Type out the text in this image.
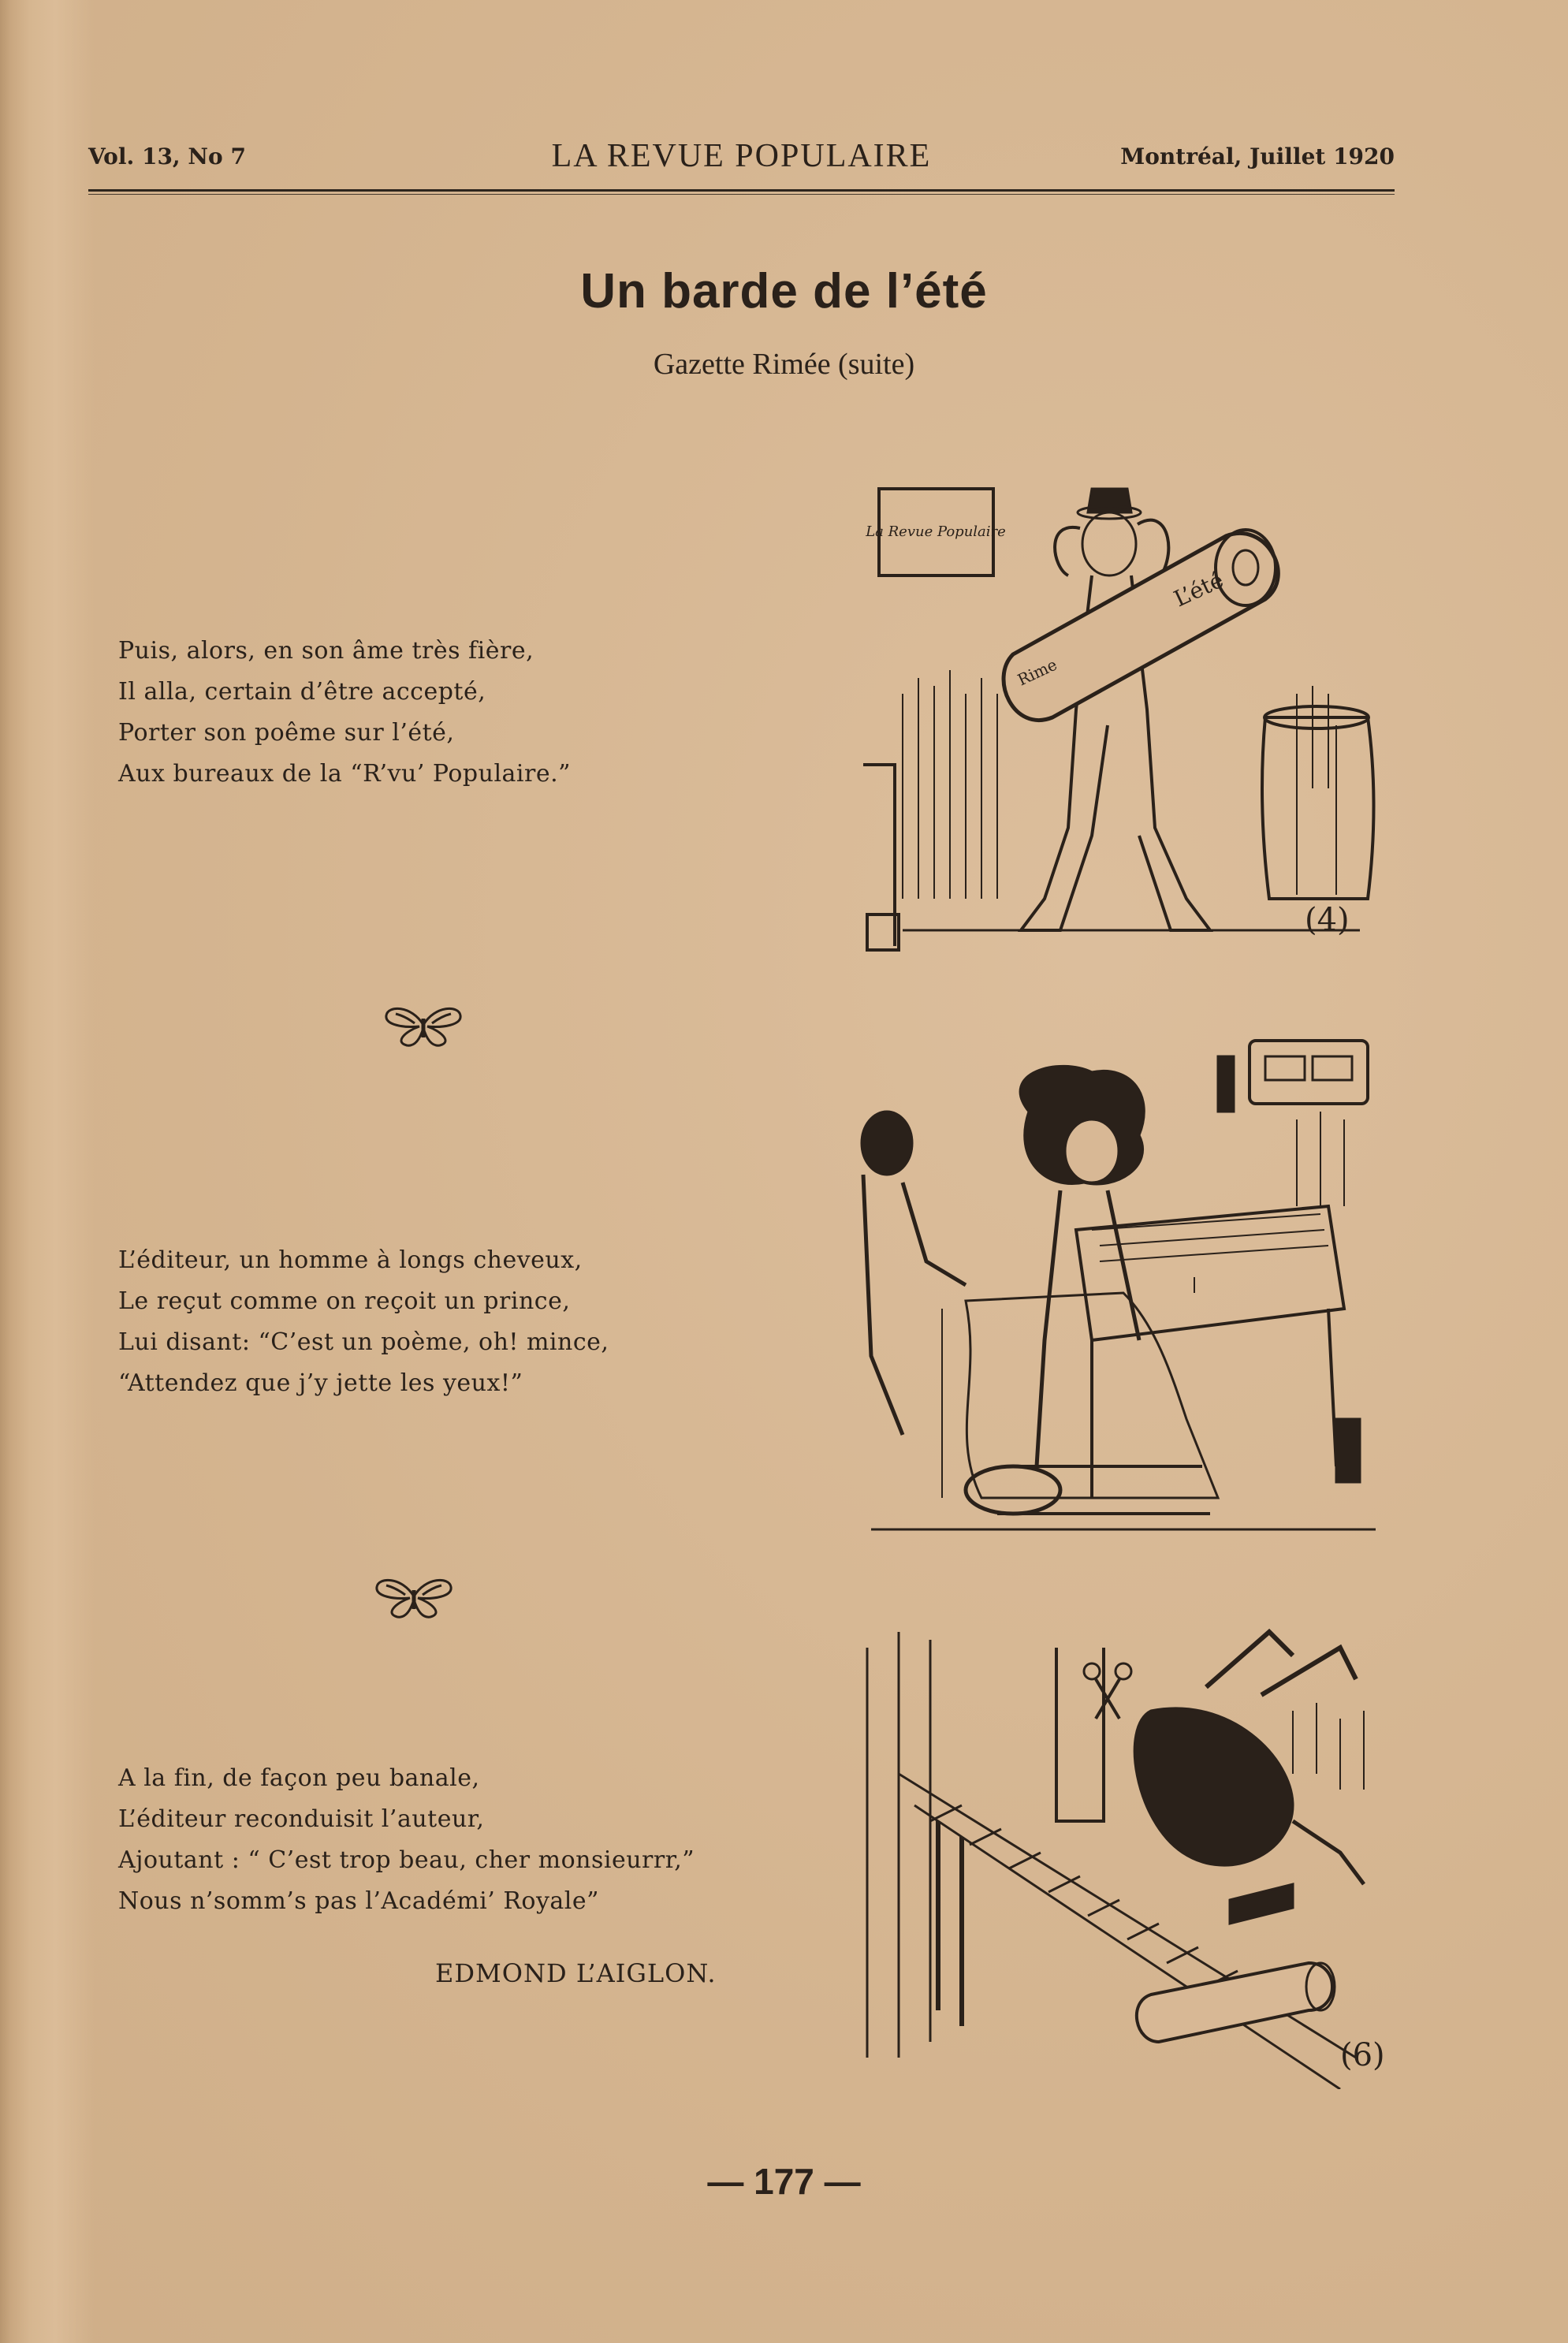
Vol. 13, No 7	LA REVUE POPULAIRE	Montréal, Juillet 1920
Un barde de l’été
Gazette Rimée (suite)
Puis, alors, en son âme très fière,
Il alla, certain d’être accepté,
Porter son poême sur l’été,
Aux bureaux de la “R’vu’ Populaire.”
L’éditeur, un homme à longs cheveux,
Le reçut comme on reçoit un prince,
Lui disant: “C’est un poème, oh! mince,
“Attendez que j’y jette les yeux!”
A la fin, de façon peu banale,
L’éditeur reconduisit l’auteur,
Ajoutant : “ C’est trop beau, cher monsieurrr,”
Nous n’somm’s pas l’Académi’ Royale”
EDMOND L’AIGLON.
La Revue Populaire
L’été
Rime
(4)
(6)
— 177 —
